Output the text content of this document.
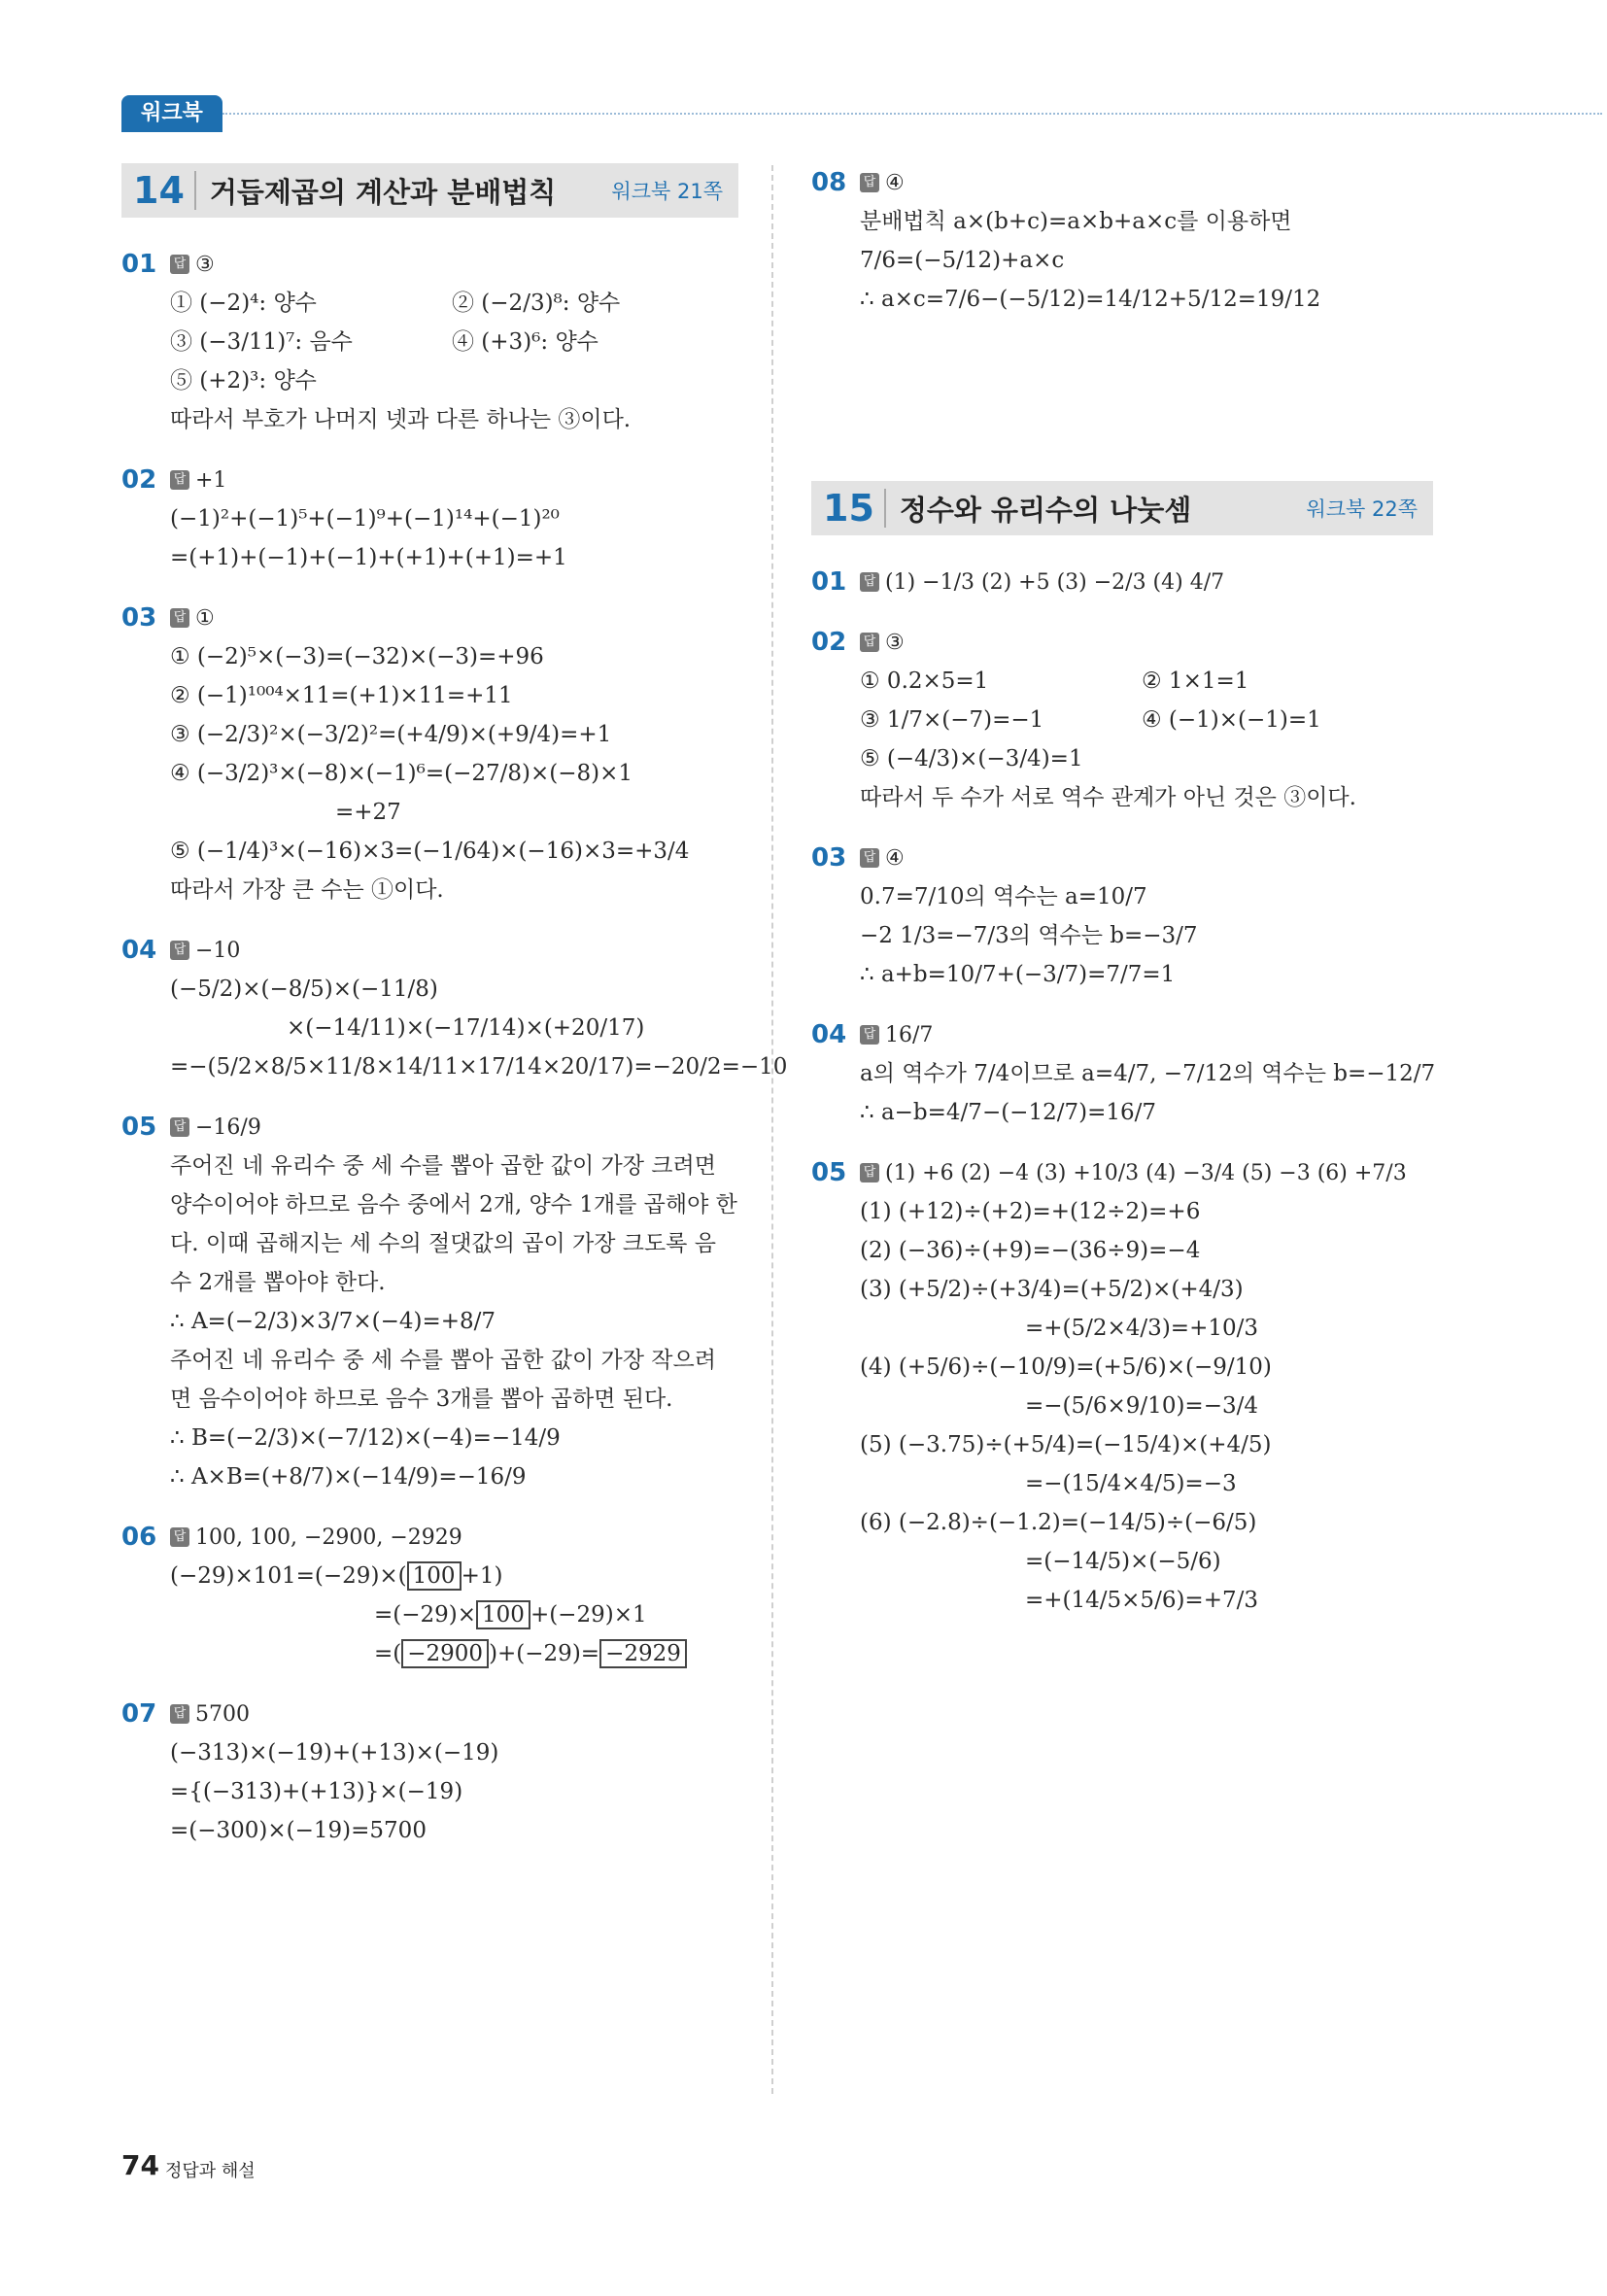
워크북
14 거듭제곱의 계산과 분배법칙	워크북 21쪽
01	답 ③
① (−2)⁴: 양수	② (−2/3)⁸: 양수
③ (−3/11)⁷: 음수	④ (+3)⁶: 양수
⑤ (+2)³: 양수
따라서 부호가 나머지 넷과 다른 하나는 ③이다.
02	답 +1
(−1)²+(−1)⁵+(−1)⁹+(−1)¹⁴+(−1)²⁰
=(+1)+(−1)+(−1)+(+1)+(+1)=+1
03	답 ①
① (−2)⁵×(−3)=(−32)×(−3)=+96
② (−1)¹⁰⁰⁴×11=(+1)×11=+11
③ (−2/3)²×(−3/2)²=(+4/9)×(+9/4)=+1
④ (−3/2)³×(−8)×(−1)⁶=(−27/8)×(−8)×1
=+27
⑤ (−1/4)³×(−16)×3=(−1/64)×(−16)×3=+3/4
따라서 가장 큰 수는 ①이다.
04	답 −10
(−5/2)×(−8/5)×(−11/8)
×(−14/11)×(−17/14)×(+20/17)
=−(5/2×8/5×11/8×14/11×17/14×20/17)=−20/2=−10
05	답 −16/9
주어진 네 유리수 중 세 수를 뽑아 곱한 값이 가장 크려면
양수이어야 하므로 음수 중에서 2개, 양수 1개를 곱해야 한
다. 이때 곱해지는 세 수의 절댓값의 곱이 가장 크도록 음
수 2개를 뽑아야 한다.
∴ A=(−2/3)×3/7×(−4)=+8/7
주어진 네 유리수 중 세 수를 뽑아 곱한 값이 가장 작으려
면 음수이어야 하므로 음수 3개를 뽑아 곱하면 된다.
∴ B=(−2/3)×(−7/12)×(−4)=−14/9
∴ A×B=(+8/7)×(−14/9)=−16/9
06	답 100, 100, −2900, −2929
(−29)×101=(−29)×( 100 +1)
=(−29)× 100 +(−29)×1
=( −2900 )+(−29)= −2929
07	답 5700
(−313)×(−19)+(+13)×(−19)
={(−313)+(+13)}×(−19)
=(−300)×(−19)=5700
08	답 ④
분배법칙 a×(b+c)=a×b+a×c를 이용하면
7/6=(−5/12)+a×c
∴ a×c=7/6−(−5/12)=14/12+5/12=19/12
15 정수와 유리수의 나눗셈	워크북 22쪽
01	답 (1) −1/3 (2) +5 (3) −2/3 (4) 4/7
02	답 ③
① 0.2×5=1	② 1×1=1
③ 1/7×(−7)=−1	④ (−1)×(−1)=1
⑤ (−4/3)×(−3/4)=1
따라서 두 수가 서로 역수 관계가 아닌 것은 ③이다.
03	답 ④
0.7=7/10의 역수는 a=10/7
−2 1/3=−7/3의 역수는 b=−3/7
∴ a+b=10/7+(−3/7)=7/7=1
04	답 16/7
a의 역수가 7/4이므로 a=4/7, −7/12의 역수는 b=−12/7
∴ a−b=4/7−(−12/7)=16/7
05	답 (1) +6 (2) −4 (3) +10/3 (4) −3/4 (5) −3 (6) +7/3
(1) (+12)÷(+2)=+(12÷2)=+6
(2) (−36)÷(+9)=−(36÷9)=−4
(3) (+5/2)÷(+3/4)=(+5/2)×(+4/3)
=+(5/2×4/3)=+10/3
(4) (+5/6)÷(−10/9)=(+5/6)×(−9/10)
=−(5/6×9/10)=−3/4
(5) (−3.75)÷(+5/4)=(−15/4)×(+4/5)
=−(15/4×4/5)=−3
(6) (−2.8)÷(−1.2)=(−14/5)÷(−6/5)
=(−14/5)×(−5/6)
=+(14/5×5/6)=+7/3
74 정답과 해설
